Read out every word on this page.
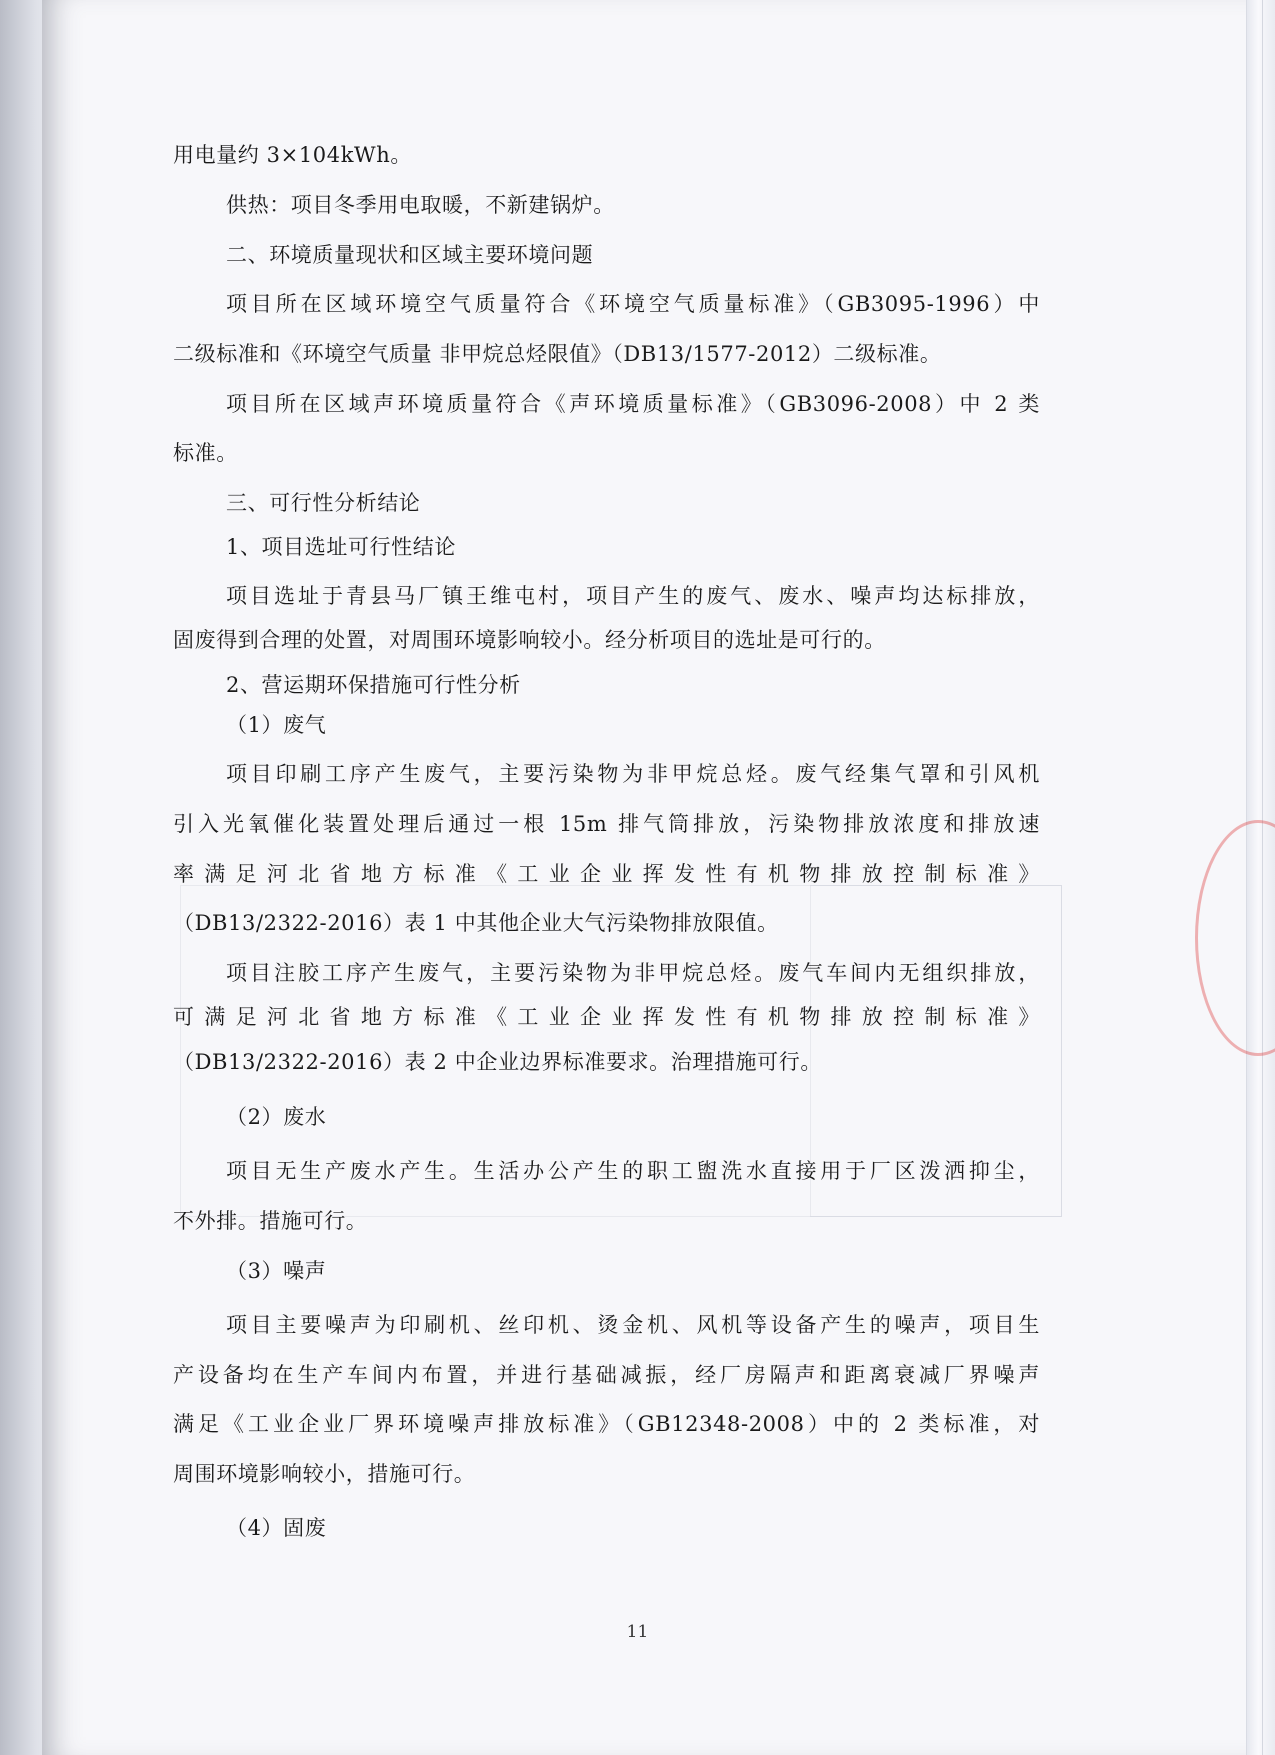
用电量约 3×104kWh。
供热：项目冬季用电取暖，不新建锅炉。
二、环境质量现状和区域主要环境问题
项目所在区域环境空气质量符合《环境空气质量标准》（GB3095-1996）中
二级标准和《环境空气质量 非甲烷总烃限值》（DB13/1577-2012）二级标准。
项目所在区域声环境质量符合《声环境质量标准》（GB3096-2008）中 2 类
标准。
三、可行性分析结论
1、项目选址可行性结论
项目选址于青县马厂镇王维屯村，项目产生的废气、废水、噪声均达标排放，
固废得到合理的处置，对周围环境影响较小。经分析项目的选址是可行的。
2、营运期环保措施可行性分析
（1）废气
项目印刷工序产生废气，主要污染物为非甲烷总烃。废气经集气罩和引风机
引入光氧催化装置处理后通过一根 15m 排气筒排放，污染物排放浓度和排放速
率满足河北省地方标准《工业企业挥发性有机物排放控制标准》
（DB13/2322-2016）表 1 中其他企业大气污染物排放限值。
项目注胶工序产生废气，主要污染物为非甲烷总烃。废气车间内无组织排放，
可满足河北省地方标准《工业企业挥发性有机物排放控制标准》
（DB13/2322-2016）表 2 中企业边界标准要求。治理措施可行。
（2）废水
项目无生产废水产生。生活办公产生的职工盥洗水直接用于厂区泼洒抑尘，
不外排。措施可行。
（3）噪声
项目主要噪声为印刷机、丝印机、烫金机、风机等设备产生的噪声，项目生
产设备均在生产车间内布置，并进行基础减振，经厂房隔声和距离衰减厂界噪声
满足《工业企业厂界环境噪声排放标准》（GB12348-2008）中的 2 类标准，对
周围环境影响较小，措施可行。
（4）固废
11
